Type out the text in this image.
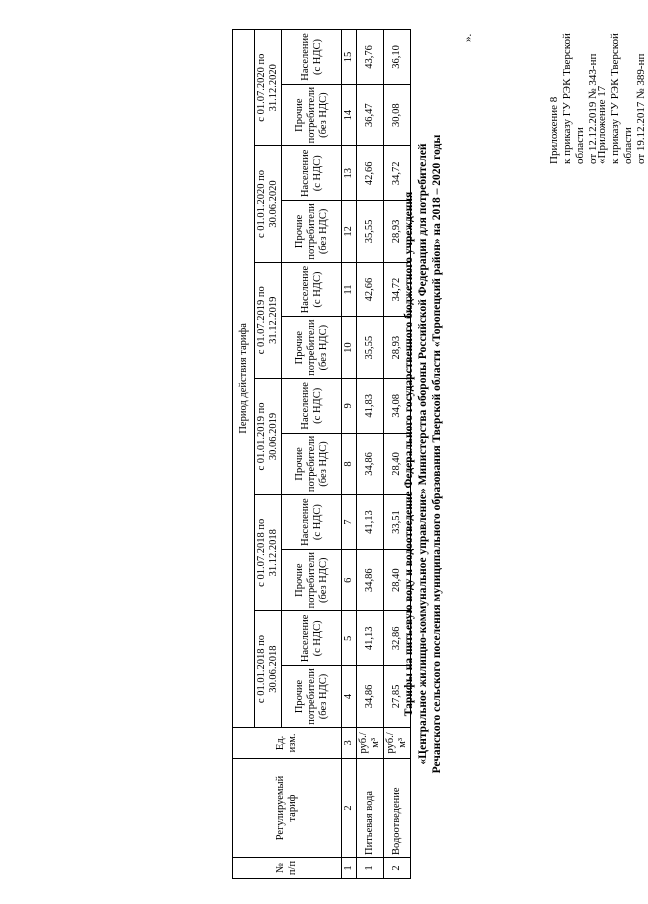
Приложение 8 к приказу ГУ РЭК Тверской области от 12.12.2019 № 343-нп
«Приложение 17 к приказу ГУ РЭК Тверской области от 19.12.2017 № 389-нп
Тарифы на питьевую воду и водоотведение Федерального государственного бюджетного учреждения «Центральное жилищно-коммунальное управление» Министерства обороны Российской Федерации для потребителей Речанского сельского поселения муниципального образования Тверской области «Торопецкий район» на 2018 – 2020 годы
№ п/п	Регулируемый тариф	Ед. изм.	Период действия тарифа											
			с 01.01.2018 по 30.06.2018		с 01.07.2018 по 31.12.2018		с 01.01.2019 по 30.06.2019		с 01.07.2019 по 31.12.2019		с 01.01.2020 по 30.06.2020		с 01.07.2020 по 31.12.2020	
			Прочие потребители (без НДС)	Население (с НДС)	Прочие потребители (без НДС)	Население (с НДС)	Прочие потребители (без НДС)	Население (с НДС)	Прочие потребители (без НДС)	Население (с НДС)	Прочие потребители (без НДС)	Население (с НДС)	Прочие потребители (без НДС)	Население (с НДС)
1	2	3	4	5	6	7	8	9	10	11	12	13	14	15
1	Питьевая вода	руб./м³	34,86	41,13	34,86	41,13	34,86	41,83	35,55	42,66	35,55	42,66	36,47	43,76
2	Водоотведение	руб./м³	27,85	32,86	28,40	33,51	28,40	34,08	28,93	34,72	28,93	34,72	30,08	36,10
».
